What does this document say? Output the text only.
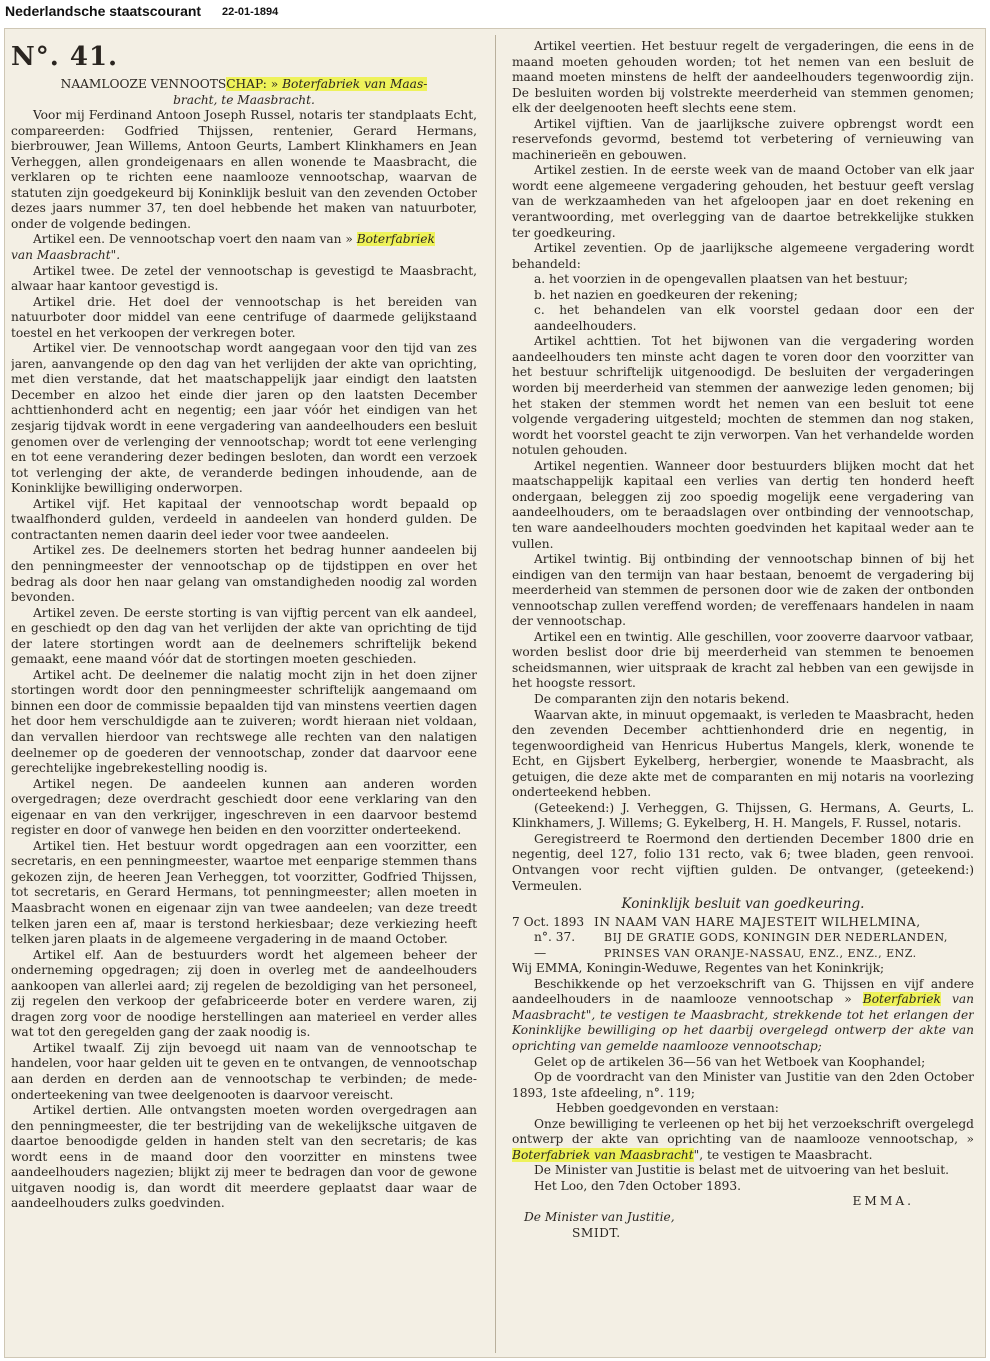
Nederlandsche staatscourant 22-01-1894
N°. 41.

NAAMLOOZE VENNOOTSCHAP: » Boterfabriek van Maas-
bracht, te Maasbracht.

Voor mij Ferdinand Antoon Joseph Russel, notaris ter standplaats Echt, compareerden: Godfried Thijssen, rentenier, Gerard Hermans, bierbrouwer, Jean Willems, Antoon Geurts, Lambert Klinkhamers en Jean Verheggen, allen grondeigenaars en allen wonende te Maasbracht, die verklaren op te richten eene naamlooze vennootschap, waarvan de statuten zijn goedgekeurd bij Koninklijk besluit van den zevenden October dezes jaars nummer 37, ten doel hebbende het maken van natuurboter, onder de volgende bedingen.

Artikel een. De vennootschap voert den naam van » Boterfabriek
van Maasbracht".

Artikel twee. De zetel der vennootschap is gevestigd te Maasbracht, alwaar haar kantoor gevestigd is.

Artikel drie. Het doel der vennootschap is het bereiden van natuurboter door middel van eene centrifuge of daarmede gelijkstaand toestel en het verkoopen der verkregen boter.

Artikel vier. De vennootschap wordt aangegaan voor den tijd van zes jaren, aanvangende op den dag van het verlijden der akte van oprichting, met dien verstande, dat het maatschappelijk jaar eindigt den laatsten December en alzoo het einde dier jaren op den laatsten December achttienhonderd acht en negentig; een jaar vóór het eindigen van het zesjarig tijdvak wordt in eene vergadering van aandeelhouders een besluit genomen over de verlenging der vennootschap; wordt tot eene verlenging en tot eene verandering dezer bedingen besloten, dan wordt een verzoek tot verlenging der akte, de veranderde bedingen inhoudende, aan de Koninklijke bewilliging onderworpen.

Artikel vijf. Het kapitaal der vennootschap wordt bepaald op twaalfhonderd gulden, verdeeld in aandeelen van honderd gulden. De contractanten nemen daarin deel ieder voor twee aandeelen.

Artikel zes. De deelnemers storten het bedrag hunner aandeelen bij den penningmeester der vennootschap op de tijdstippen en over het bedrag als door hen naar gelang van omstandigheden noodig zal worden bevonden.

Artikel zeven. De eerste storting is van vijftig percent van elk aandeel, en geschiedt op den dag van het verlijden der akte van oprichting de tijd der latere stortingen wordt aan de deelnemers schriftelijk bekend gemaakt, eene maand vóór dat de stortingen moeten geschieden.

Artikel acht. De deelnemer die nalatig mocht zijn in het doen zijner stortingen wordt door den penningmeester schriftelijk aangemaand om binnen een door de commissie bepaalden tijd van minstens veertien dagen het door hem verschuldigde aan te zuiveren; wordt hieraan niet voldaan, dan vervallen hierdoor van rechtswege alle rechten van den nalatigen deelnemer op de goederen der vennootschap, zonder dat daarvoor eene gerechtelijke ingebrekestelling noodig is.

Artikel negen. De aandeelen kunnen aan anderen worden overgedragen; deze overdracht geschiedt door eene verklaring van den eigenaar en van den verkrijger, ingeschreven in een daarvoor bestemd register en door of vanwege hen beiden en den voorzitter onderteekend.

Artikel tien. Het bestuur wordt opgedragen aan een voorzitter, een secretaris, en een penningmeester, waartoe met eenparige stemmen thans gekozen zijn, de heeren Jean Verheggen, tot voorzitter, Godfried Thijssen, tot secretaris, en Gerard Hermans, tot penningmeester; allen moeten in Maasbracht wonen en eigenaar zijn van twee aandeelen; van deze treedt telken jaren een af, maar is terstond herkiesbaar; deze verkiezing heeft telken jaren plaats in de algemeene vergadering in de maand October.

Artikel elf. Aan de bestuurders wordt het algemeen beheer der onderneming opgedragen; zij doen in overleg met de aandeelhouders aankoopen van allerlei aard; zij regelen de bezoldiging van het personeel, zij regelen den verkoop der gefabriceerde boter en verdere waren, zij dragen zorg voor de noodige herstellingen aan materieel en verder alles wat tot den geregelden gang der zaak noodig is.

Artikel twaalf. Zij zijn bevoegd uit naam van de vennootschap te handelen, voor haar gelden uit te geven en te ontvangen, de vennootschap aan derden en derden aan de vennootschap te verbinden; de mede-onderteekening van twee deelgenooten is daarvoor vereischt.

Artikel dertien. Alle ontvangsten moeten worden overgedragen aan den penningmeester, die ter bestrijding van de wekelijksche uitgaven de daartoe benoodigde gelden in handen stelt van den secretaris; de kas wordt eens in de maand door den voorzitter en minstens twee aandeelhouders nagezien; blijkt zij meer te bedragen dan voor de gewone uitgaven noodig is, dan wordt dit meerdere geplaatst daar waar de aandeelhouders zulks goedvinden.

Artikel veertien. Het bestuur regelt de vergaderingen, die eens in de maand moeten gehouden worden; tot het nemen van een besluit de maand moeten minstens de helft der aandeelhouders tegenwoordig zijn. De besluiten worden bij volstrekte meerderheid van stemmen genomen; elk der deelgenooten heeft slechts eene stem.

Artikel vijftien. Van de jaarlijksche zuivere opbrengst wordt een reservefonds gevormd, bestemd tot verbetering of vernieuwing van machinerieën en gebouwen.

Artikel zestien. In de eerste week van de maand October van elk jaar wordt eene algemeene vergadering gehouden, het bestuur geeft verslag van de werkzaamheden van het afgeloopen jaar en doet rekening en verantwoording, met overlegging van de daartoe betrekkelijke stukken ter goedkeuring.

Artikel zeventien. Op de jaarlijksche algemeene vergadering wordt behandeld:

a. het voorzien in de opengevallen plaatsen van het bestuur;
b. het nazien en goedkeuren der rekening;
c. het behandelen van elk voorstel gedaan door een der aandeelhouders.

Artikel achttien. Tot het bijwonen van die vergadering worden aandeelhouders ten minste acht dagen te voren door den voorzitter van het bestuur schriftelijk uitgenoodigd. De besluiten der vergaderingen worden bij meerderheid van stemmen der aanwezige leden genomen; bij het staken der stemmen wordt het nemen van een besluit tot eene volgende vergadering uitgesteld; mochten de stemmen dan nog staken, wordt het voorstel geacht te zijn verworpen. Van het verhandelde worden notulen gehouden.

Artikel negentien. Wanneer door bestuurders blijken mocht dat het maatschappelijk kapitaal een verlies van dertig ten honderd heeft ondergaan, beleggen zij zoo spoedig mogelijk eene vergadering van aandeelhouders, om te beraadslagen over ontbinding der vennootschap, ten ware aandeelhouders mochten goedvinden het kapitaal weder aan te vullen.

Artikel twintig. Bij ontbinding der vennootschap binnen of bij het eindigen van den termijn van haar bestaan, benoemt de vergadering bij meerderheid van stemmen de personen door wie de zaken der ontbonden vennootschap zullen vereffend worden; de vereffenaars handelen in naam der vennootschap.

Artikel een en twintig. Alle geschillen, voor zooverre daarvoor vatbaar, worden beslist door drie bij meerderheid van stemmen te benoemen scheidsmannen, wier uitspraak de kracht zal hebben van een gewijsde in het hoogste ressort.

De comparanten zijn den notaris bekend.

Waarvan akte, in minuut opgemaakt, is verleden te Maasbracht, heden den zevenden December achttienhonderd drie en negentig, in tegenwoordigheid van Henricus Hubertus Mangels, klerk, wonende te Echt, en Gijsbert Eykelberg, herbergier, wonende te Maasbracht, als getuigen, die deze akte met de comparanten en mij notaris na voorlezing onderteekend hebben.

(Geteekend:) J. Verheggen, G. Thijssen, G. Hermans, A. Geurts, L. Klinkhamers, J. Willems; G. Eykelberg, H. H. Mangels, F. Russel, notaris.

Geregistreerd te Roermond den dertienden December 1800 drie en negentig, deel 127, folio 131 recto, vak 6; twee bladen, geen renvooi. Ontvangen voor recht vijftien gulden. De ontvanger, (geteekend:) Vermeulen.

Koninklijk besluit van goedkeuring.

7 Oct. 1893
n°. 37.
—
IN NAAM VAN HARE MAJESTEIT WILHELMINA,
BIJ DE GRATIE GODS, KONINGIN DER NEDERLANDEN,
PRINSES VAN ORANJE-NASSAU, ENZ., ENZ., ENZ.

Wij EMMA, Koningin-Weduwe, Regentes van het Koninkrijk;

Beschikkende op het verzoekschrift van G. Thijssen en vijf andere aandeelhouders in de naamlooze vennootschap » Boterfabriek van Maasbracht", te vestigen te Maasbracht, strekkende tot het erlangen der Koninklijke bewilliging op het daarbij overgelegd ontwerp der akte van oprichting van gemelde naamlooze vennootschap;

Gelet op de artikelen 36—56 van het Wetboek van Koophandel;

Op de voordracht van den Minister van Justitie van den 2den October 1893, 1ste afdeeling, n°. 119;

Hebben goedgevonden en verstaan:

Onze bewilliging te verleenen op het bij het verzoekschrift overgelegd ontwerp der akte van oprichting van de naamlooze vennootschap, » Boterfabriek van Maasbracht", te vestigen te Maasbracht.

De Minister van Justitie is belast met de uitvoering van het besluit.

Het Loo, den 7den October 1893.

EMMA.

De Minister van Justitie,

SMIDT.
